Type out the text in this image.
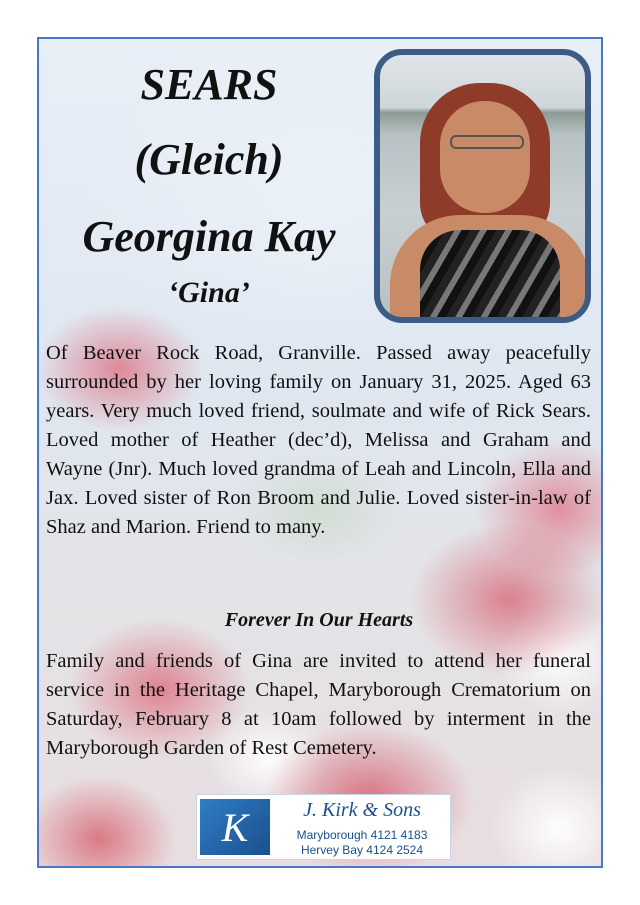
SEARS
(Gleich)
Georgina Kay
‘Gina’
Of Beaver Rock Road, Granville. Passed away peacefully surrounded by her loving family on January 31, 2025. Aged 63 years. Very much loved friend, soulmate and wife of Rick Sears. Loved mother of Heather (dec’d), Melissa and Graham and Wayne (Jnr). Much loved grandma of Leah and Lincoln, Ella and Jax. Loved sister of Ron Broom and Julie. Loved sister-in-law of Shaz and Marion. Friend to many.
Forever In Our Hearts
Family and friends of Gina are invited to attend her funeral service in the Heritage Chapel, Maryborough Crematorium on Saturday, February 8 at 10am followed by interment in the Maryborough Garden of Rest Cemetery.
K	J. Kirk & Sons
Maryborough 4121 4183
Hervey Bay 4124 2524
